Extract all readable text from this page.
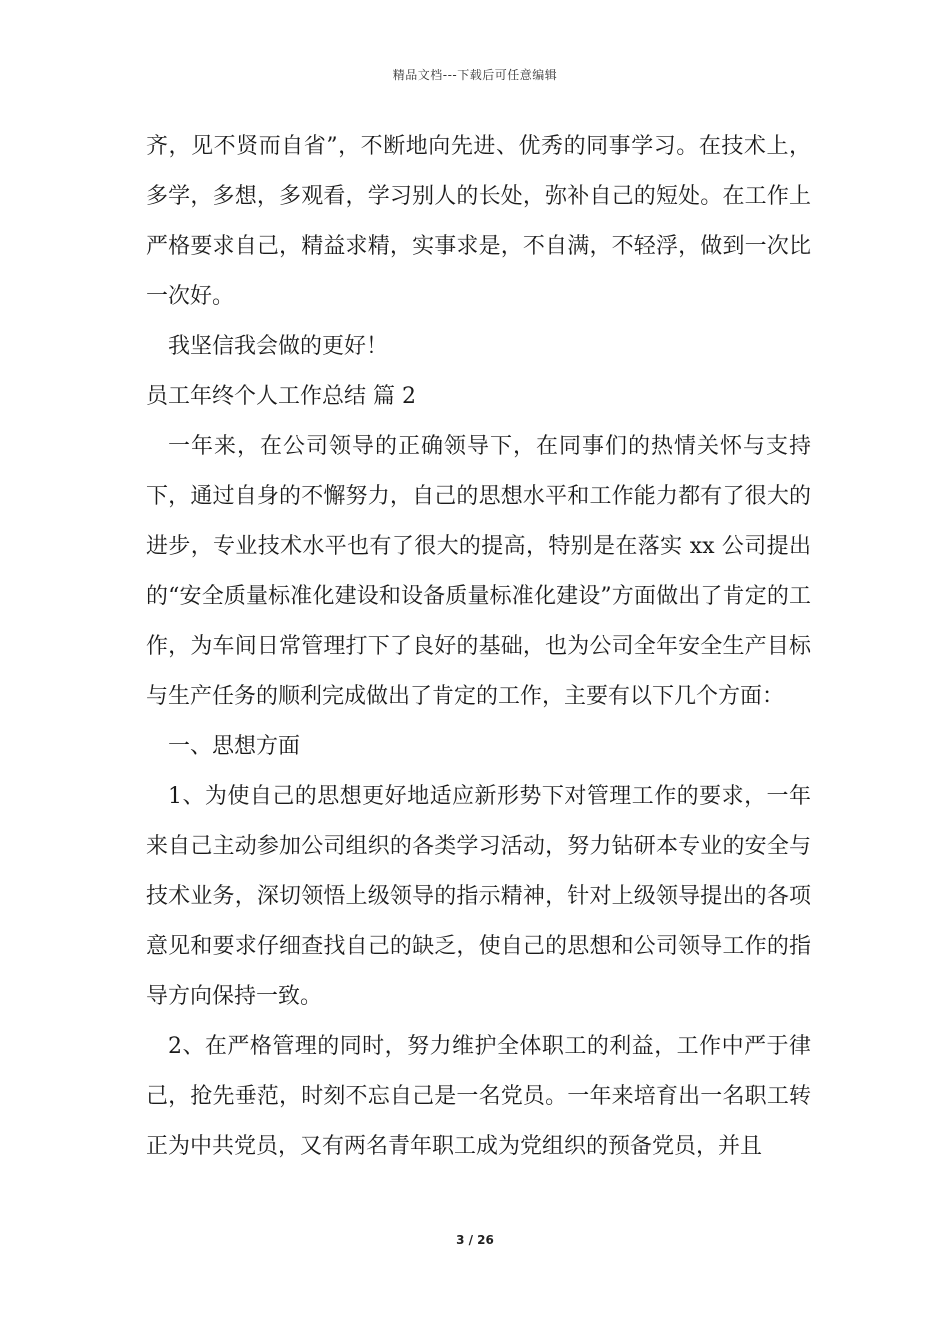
精品文档---下载后可任意编辑

齐，见不贤而自省”，不断地向先进、优秀的同事学习。在技术上，多学，多想，多观看，学习别人的长处，弥补自己的短处。在工作上严格要求自己，精益求精，实事求是，不自满，不轻浮，做到一次比一次好。

我坚信我会做的更好！

员工年终个人工作总结 篇 2

一年来，在公司领导的正确领导下，在同事们的热情关怀与支持下，通过自身的不懈努力，自己的思想水平和工作能力都有了很大的进步，专业技术水平也有了很大的提高，特别是在落实 xx 公司提出的“安全质量标准化建设和设备质量标准化建设”方面做出了肯定的工作，为车间日常管理打下了良好的基础，也为公司全年安全生产目标与生产任务的顺利完成做出了肯定的工作，主要有以下几个方面：

一、思想方面

1、为使自己的思想更好地适应新形势下对管理工作的要求，一年来自己主动参加公司组织的各类学习活动，努力钻研本专业的安全与技术业务，深切领悟上级领导的指示精神，针对上级领导提出的各项意见和要求仔细查找自己的缺乏，使自己的思想和公司领导工作的指导方向保持一致。

2、在严格管理的同时，努力维护全体职工的利益，工作中严于律己，抢先垂范，时刻不忘自己是一名党员。一年来培育出一名职工转正为中共党员，又有两名青年职工成为党组织的预备党员，并且

3 / 26
